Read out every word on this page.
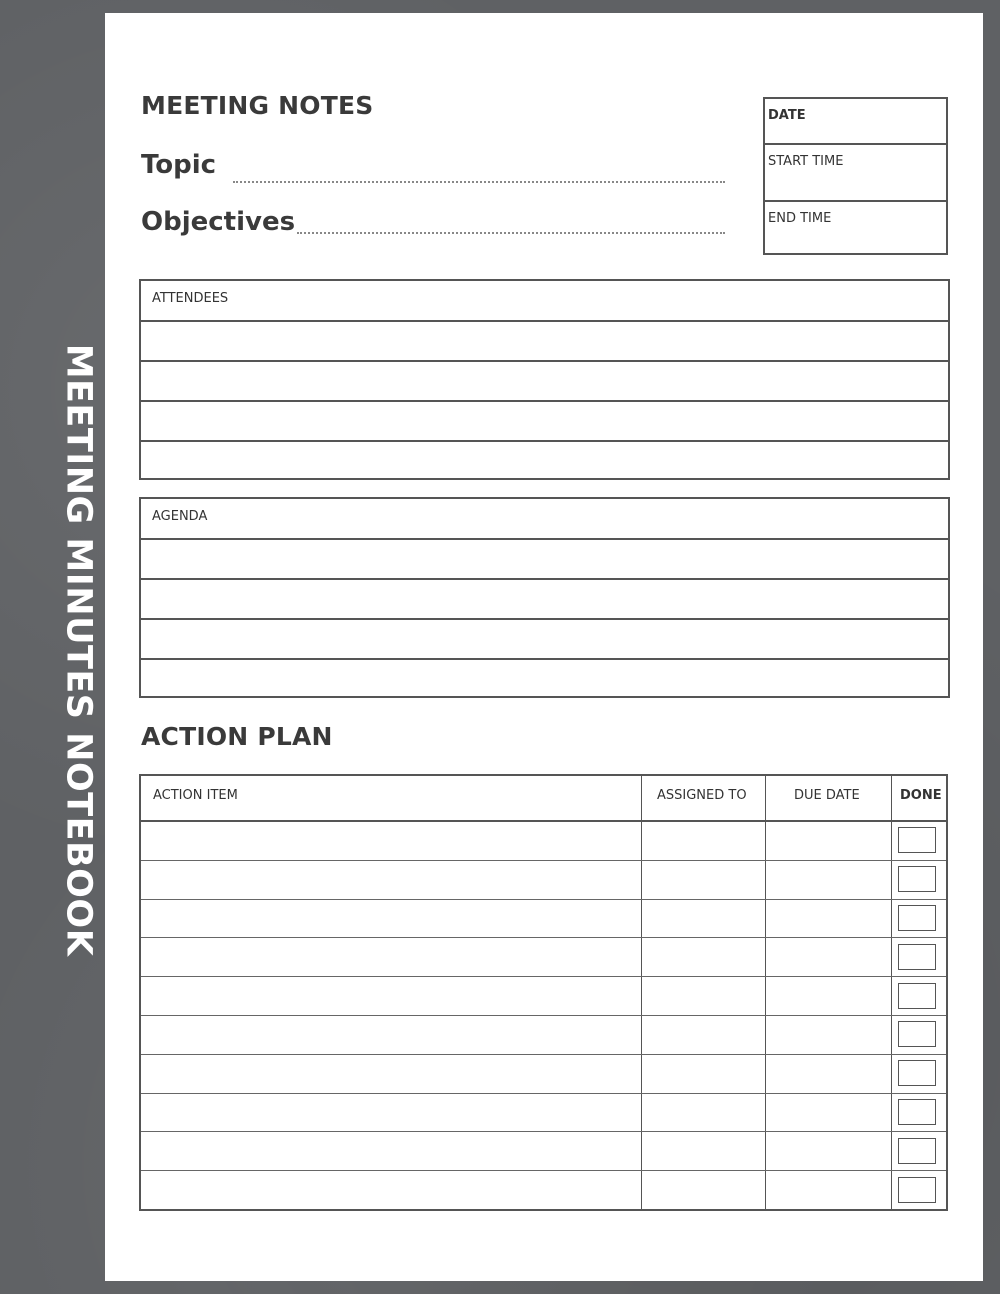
MEETING MINUTES NOTEBOOK
MEETING NOTES
Topic
Objectives
DATE
START TIME
END TIME
ATTENDEES
AGENDA
ACTION PLAN
ACTION ITEM	ASSIGNED TO	DUE DATE	DONE
